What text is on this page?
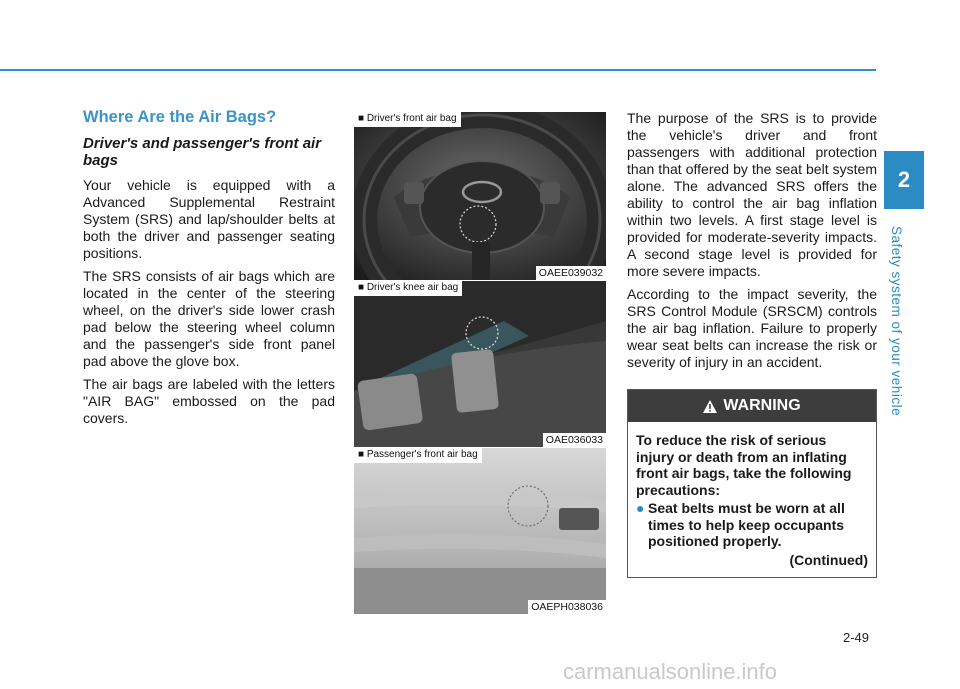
2
Safety system of your vehicle
Where Are the Air Bags?
Driver's and passenger's front air bags

Your vehicle is equipped with a Advanced Supplemental Restraint System (SRS) and lap/shoulder belts at both the driver and passenger seating positions.

The SRS consists of air bags which are located in the center of the steering wheel, on the driver's side lower crash pad below the steering wheel column and the passenger's side front panel pad above the glove box.

The air bags are labeled with the letters "AIR BAG" embossed on the pad covers.

■ Driver's front air bag
OAEE039032
■ Driver's knee air bag
OAE036033
■ Passenger's front air bag
OAEPH038036

The purpose of the SRS is to provide the vehicle's driver and front passengers with additional protection than that offered by the seat belt system alone. The advanced SRS offers the ability to control the air bag inflation within two levels. A first stage level is provided for moderate-severity impacts. A second stage level is provided for more severe impacts.

According to the impact severity, the SRS Control Module (SRSCM) controls the air bag inflation. Failure to properly wear seat belts can increase the risk or severity of injury in an accident.

WARNING
To reduce the risk of serious injury or death from an inflating front air bags, take the following precautions:
● Seat belts must be worn at all times to help keep occupants positioned properly.
(Continued)
2-49
carmanualsonline.info
